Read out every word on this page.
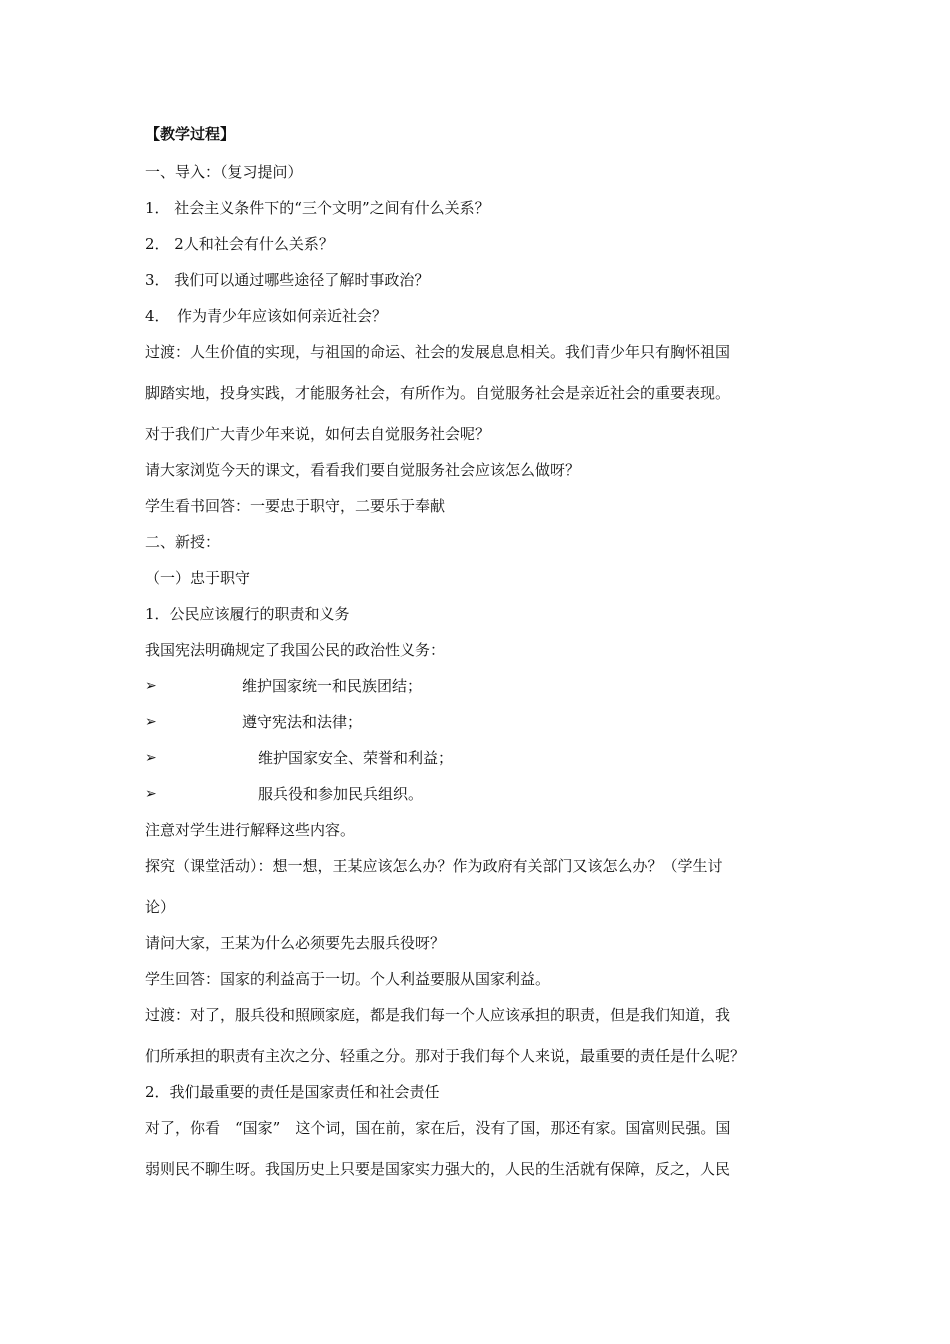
【教学过程】
一、导入：（复习提问）
1． 社会主义条件下的“三个文明”之间有什么关系？
2． 2人和社会有什么关系？
3． 我们可以通过哪些途径了解时事政治？
4．　作为青少年应该如何亲近社会？
过渡：人生价值的实现，与祖国的命运、社会的发展息息相关。我们青少年只有胸怀祖国
脚踏实地，投身实践，才能服务社会，有所作为。自觉服务社会是亲近社会的重要表现。
对于我们广大青少年来说，如何去自觉服务社会呢？
请大家浏览今天的课文，看看我们要自觉服务社会应该怎么做呀？
学生看书回答：一要忠于职守，二要乐于奉献
二、新授：
（一）忠于职守
1．公民应该履行的职责和义务
我国宪法明确规定了我国公民的政治性义务：
➢	维护国家统一和民族团结；
➢	遵守宪法和法律；
➢	维护国家安全、荣誉和利益；
➢	服兵役和参加民兵组织。
注意对学生进行解释这些内容。
探究（课堂活动）：想一想，王某应该怎么办？作为政府有关部门又该怎么办？（学生讨
论）
请问大家，王某为什么必须要先去服兵役呀？
学生回答：国家的利益高于一切。个人利益要服从国家利益。
过渡：对了，服兵役和照顾家庭，都是我们每一个人应该承担的职责，但是我们知道，我
们所承担的职责有主次之分、轻重之分。那对于我们每个人来说，最重要的责任是什么呢？
2．我们最重要的责任是国家责任和社会责任
对了，你看　“国家”　这个词，国在前，家在后，没有了国，那还有家。国富则民强。国
弱则民不聊生呀。我国历史上只要是国家实力强大的，人民的生活就有保障，反之，人民
